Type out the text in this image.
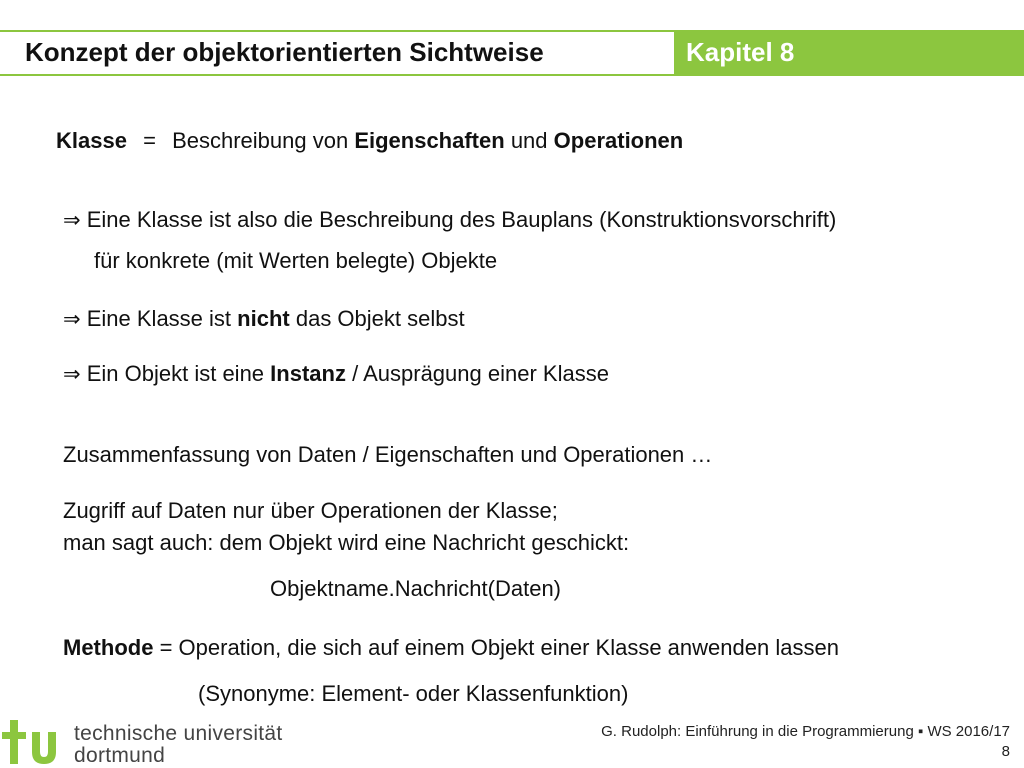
Konzept der objektorientierten Sichtweise	Kapitel 8
Klasse = Beschreibung von Eigenschaften und Operationen
⇒ Eine Klasse ist also die Beschreibung des Bauplans (Konstruktionsvorschrift)
für konkrete (mit Werten belegte) Objekte
⇒ Eine Klasse ist nicht das Objekt selbst
⇒ Ein Objekt ist eine Instanz / Ausprägung einer Klasse
Zusammenfassung von Daten / Eigenschaften und Operationen …
Zugriff auf Daten nur über Operationen der Klasse;
man sagt auch: dem Objekt wird eine Nachricht geschickt:
Objektname.Nachricht(Daten)
Methode = Operation, die sich auf einem Objekt einer Klasse anwenden lassen
(Synonyme: Element- oder Klassenfunktion)
technische universität
dortmund
G. Rudolph: Einführung in die Programmierung ▪ WS 2016/17
8
